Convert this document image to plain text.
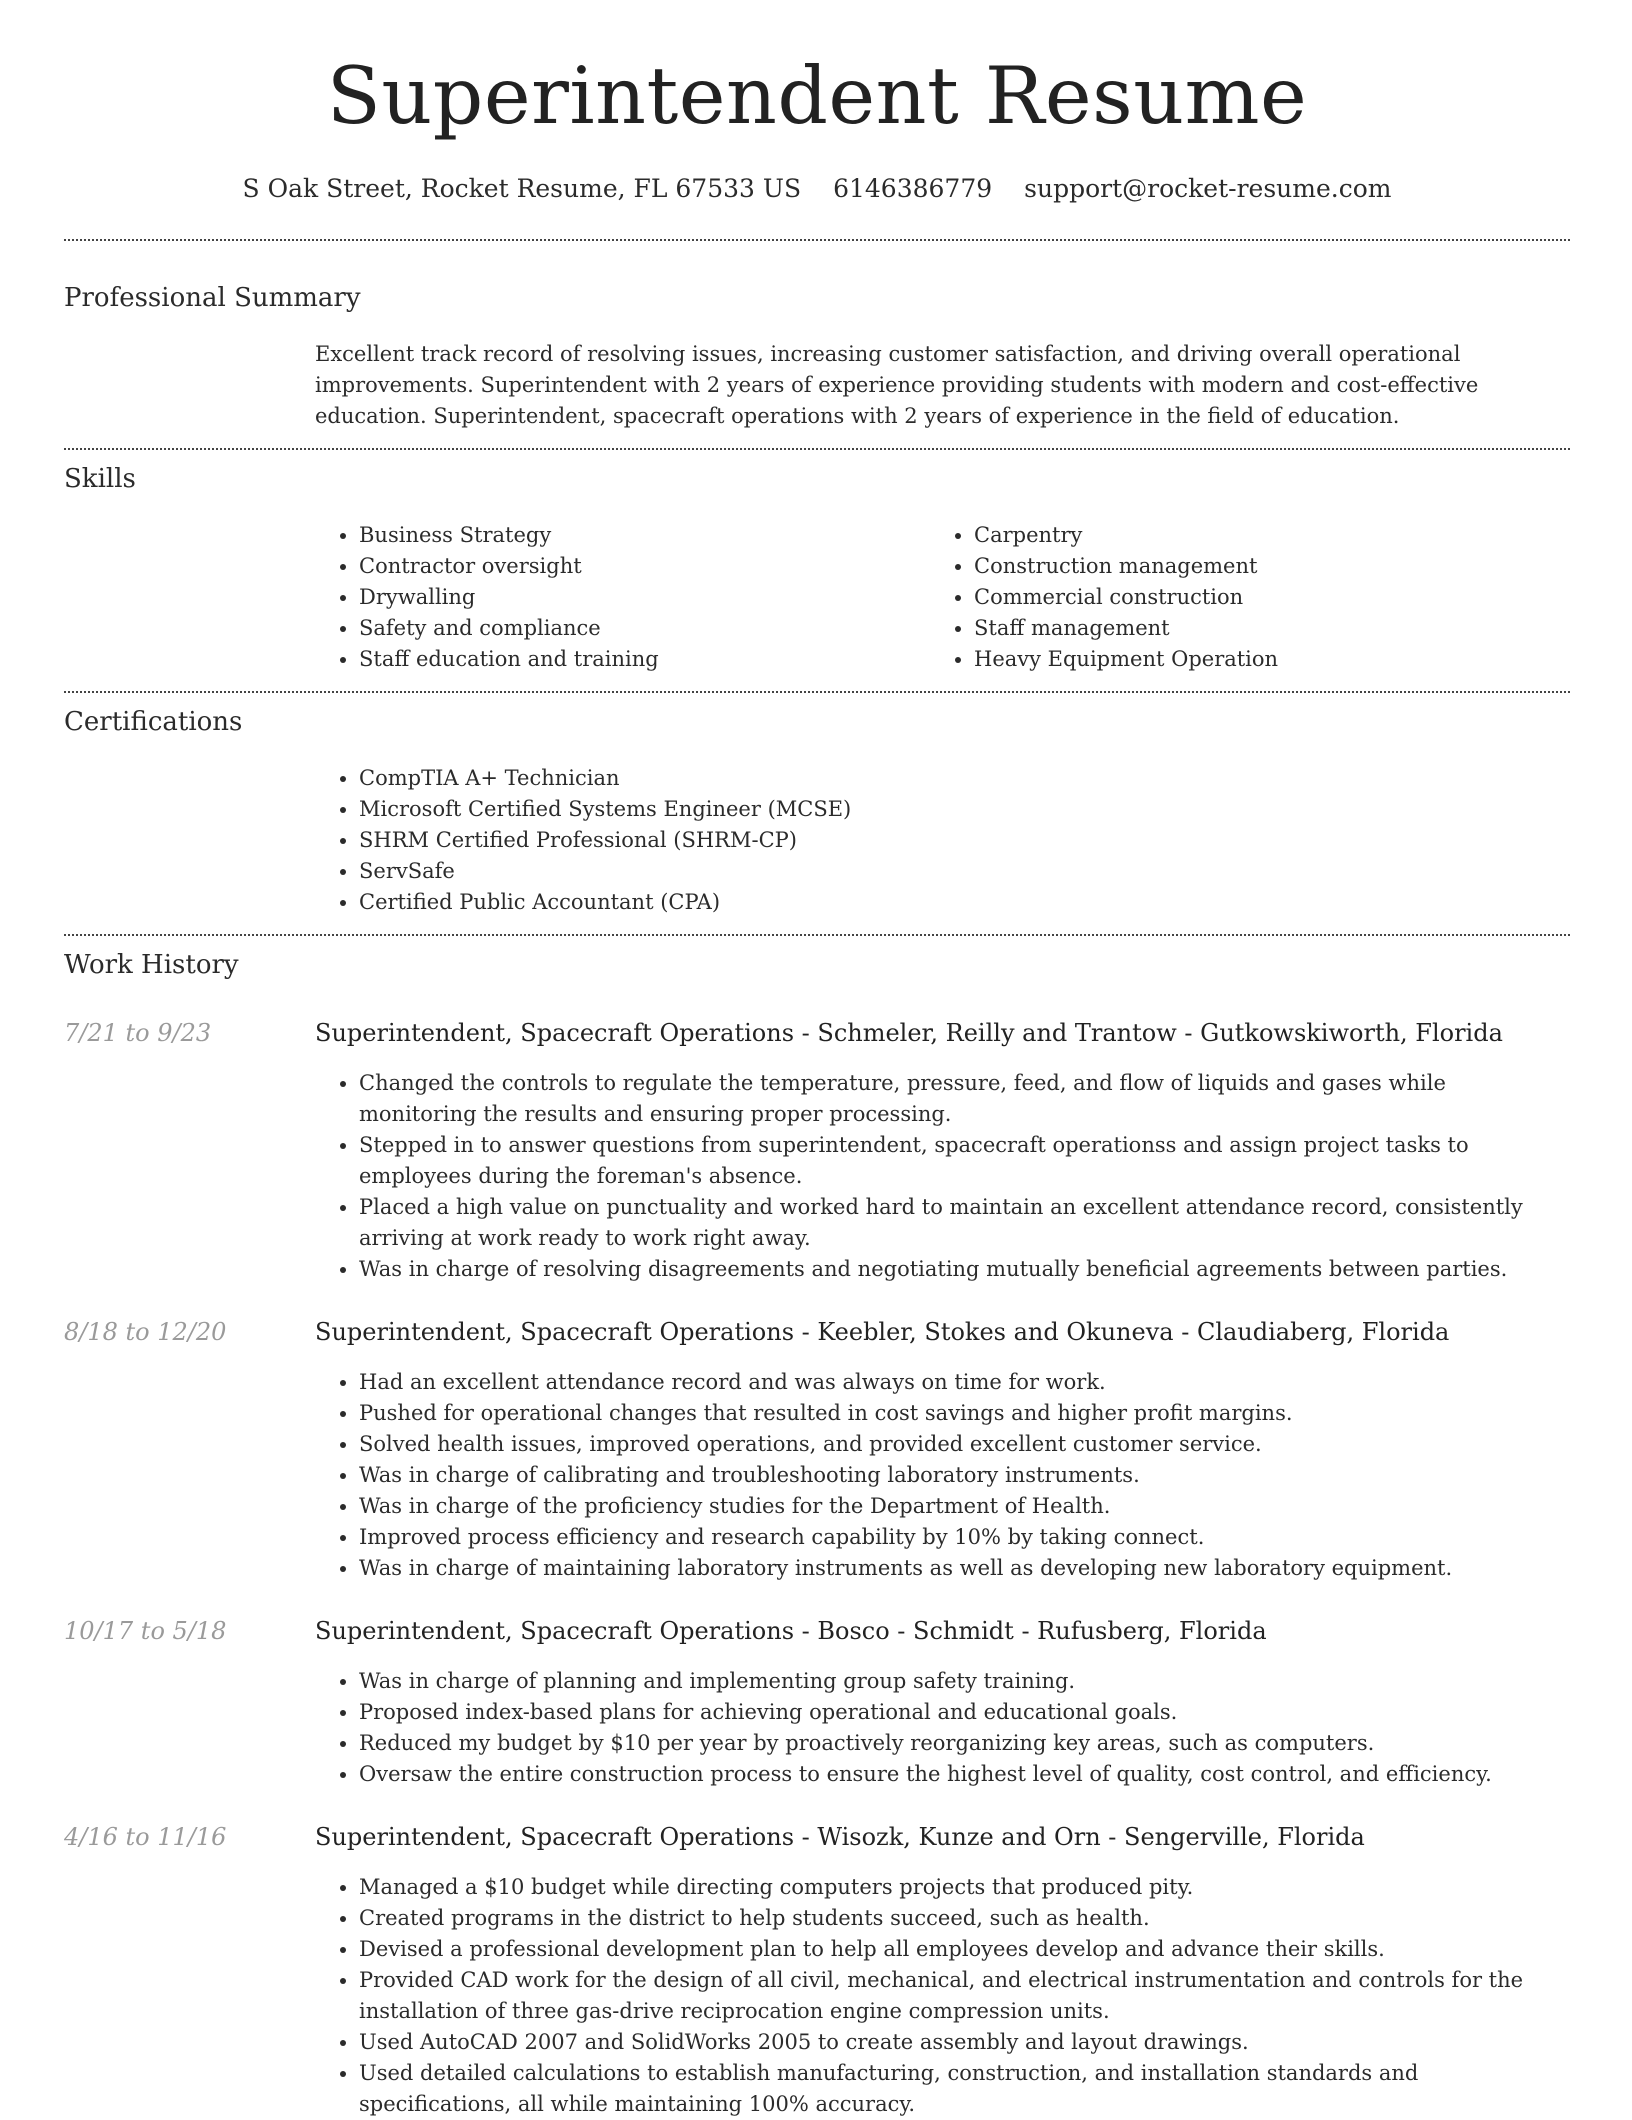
Superintendent Resume
S Oak Street, Rocket Resume, FL 67533 US 6146386779 support@rocket-resume.com
Professional Summary
Excellent track record of resolving issues, increasing customer satisfaction, and driving overall operational improvements. Superintendent with 2 years of experience providing students with modern and cost-effective education. Superintendent, spacecraft operations with 2 years of experience in the field of education.
Skills
• Business Strategy
• Contractor oversight
• Drywalling
• Safety and compliance
• Staff education and training
• Carpentry
• Construction management
• Commercial construction
• Staff management
• Heavy Equipment Operation
Certifications
• CompTIA A+ Technician
• Microsoft Certified Systems Engineer (MCSE)
• SHRM Certified Professional (SHRM-CP)
• ServSafe
• Certified Public Accountant (CPA)
Work History
7/21 to 9/23	Superintendent, Spacecraft Operations - Schmeler, Reilly and Trantow - Gutkowskiworth, Florida
• Changed the controls to regulate the temperature, pressure, feed, and flow of liquids and gases while monitoring the results and ensuring proper processing.
• Stepped in to answer questions from superintendent, spacecraft operationss and assign project tasks to employees during the foreman's absence.
• Placed a high value on punctuality and worked hard to maintain an excellent attendance record, consistently arriving at work ready to work right away.
• Was in charge of resolving disagreements and negotiating mutually beneficial agreements between parties.
8/18 to 12/20	Superintendent, Spacecraft Operations - Keebler, Stokes and Okuneva - Claudiaberg, Florida
• Had an excellent attendance record and was always on time for work.
• Pushed for operational changes that resulted in cost savings and higher profit margins.
• Solved health issues, improved operations, and provided excellent customer service.
• Was in charge of calibrating and troubleshooting laboratory instruments.
• Was in charge of the proficiency studies for the Department of Health.
• Improved process efficiency and research capability by 10% by taking connect.
• Was in charge of maintaining laboratory instruments as well as developing new laboratory equipment.
10/17 to 5/18	Superintendent, Spacecraft Operations - Bosco - Schmidt - Rufusberg, Florida
• Was in charge of planning and implementing group safety training.
• Proposed index-based plans for achieving operational and educational goals.
• Reduced my budget by $10 per year by proactively reorganizing key areas, such as computers.
• Oversaw the entire construction process to ensure the highest level of quality, cost control, and efficiency.
4/16 to 11/16	Superintendent, Spacecraft Operations - Wisozk, Kunze and Orn - Sengerville, Florida
• Managed a $10 budget while directing computers projects that produced pity.
• Created programs in the district to help students succeed, such as health.
• Devised a professional development plan to help all employees develop and advance their skills.
• Provided CAD work for the design of all civil, mechanical, and electrical instrumentation and controls for the installation of three gas-drive reciprocation engine compression units.
• Used AutoCAD 2007 and SolidWorks 2005 to create assembly and layout drawings.
• Used detailed calculations to establish manufacturing, construction, and installation standards and specifications, all while maintaining 100% accuracy.
